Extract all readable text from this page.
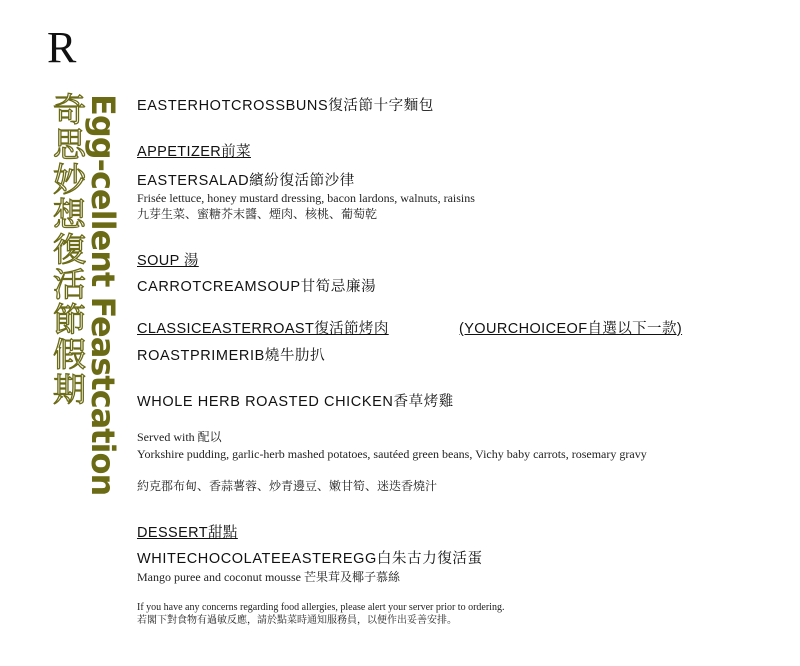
R
Egg-cellent Feastcation
奇思妙想復活節假期	EASTERHOTCROSSBUNS復活節十字麵包
APPETIZER前菜
EASTERSALAD繽紛復活節沙律
Frisée lettuce, honey mustard dressing, bacon lardons, walnuts, raisins
九芽生菜、蜜糖芥末醬、煙肉、核桃、葡萄乾
SOUP 湯
CARROTCREAMSOUP甘筍忌廉湯
CLASSICEASTERROAST復活節烤肉	(YOURCHOICEOF自選以下一款)
ROASTPRIMERIB燒牛肋扒
WHOLE HERB ROASTED CHICKEN香草烤雞
Served with 配以
Yorkshire pudding, garlic-herb mashed potatoes, sautéed green beans, Vichy baby carrots, rosemary gravy
約克郡布甸、香蒜薯蓉、炒青邊豆、嫩甘筍、迷迭香燒汁
DESSERT甜點
WHITECHOCOLATEEASTEREGG白朱古力復活蛋
Mango puree and coconut mousse 芒果茸及椰子慕絲
If you have any concerns regarding food allergies, please alert your server prior to ordering.
若閣下對食物有過敏反應，請於點菜時通知服務員，以便作出妥善安排。
